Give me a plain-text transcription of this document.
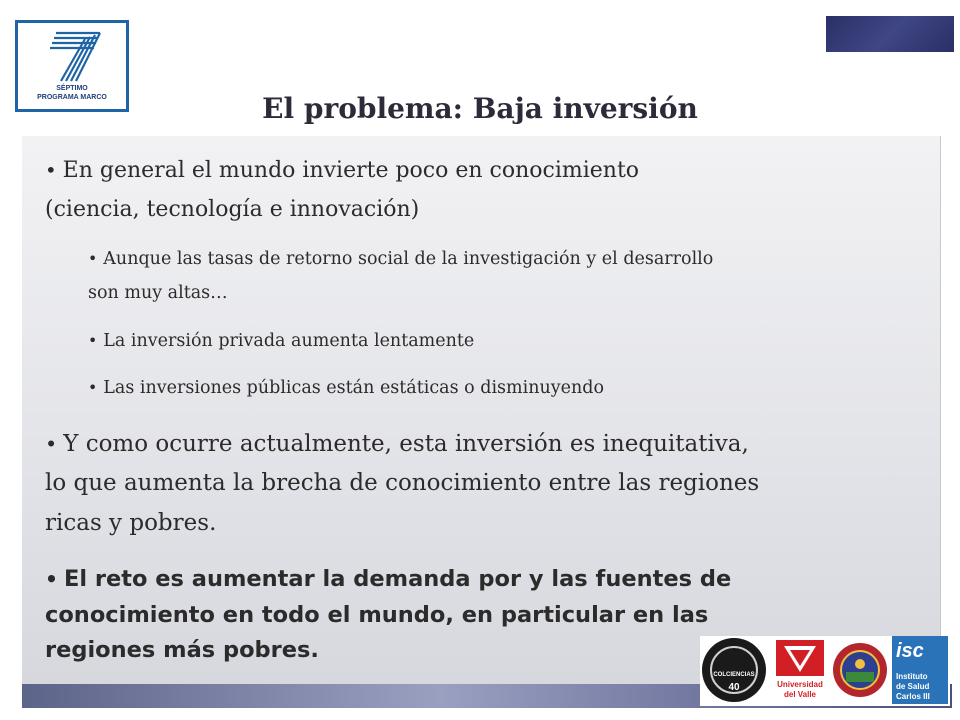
SÉPTIMO
PROGRAMA MARCO	El problema: Baja inversión
• En general el mundo invierte poco en conocimiento
(ciencia, tecnología e innovación)
• Aunque las tasas de retorno social de la investigación y el desarrollo
son muy altas…
• La inversión privada aumenta lentamente
• Las inversiones públicas están estáticas o disminuyendo
• Y como ocurre actualmente, esta inversión es inequitativa,
lo que aumenta la brecha de conocimiento entre las regiones
ricas y pobres.
• El reto es aumentar la demanda por y las fuentes de
conocimiento en todo el mundo, en particular en las
regiones más pobres.
COLCIENCIAS
40	Universidad
del Valle
isc
Instituto
de Salud
Carlos III
